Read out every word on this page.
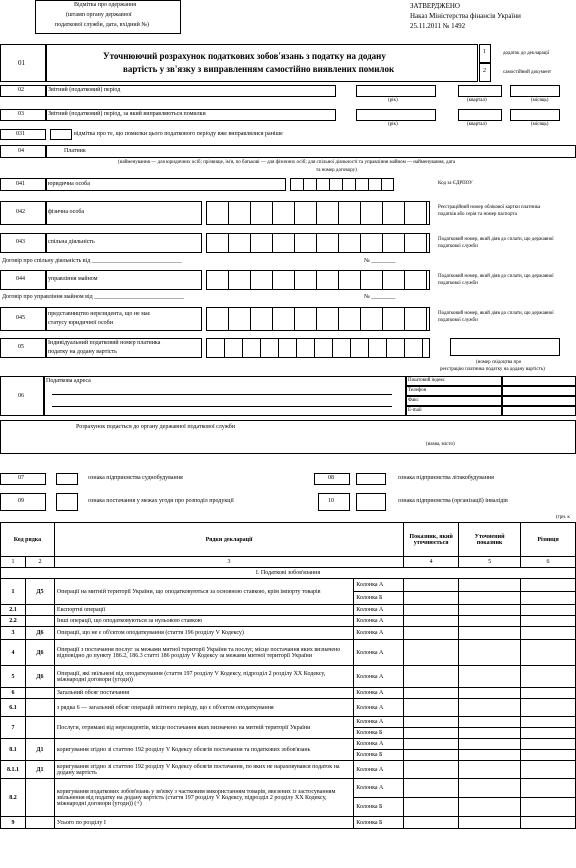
Відмітка про одержання
(штамп органу державної
податкової служби, дата, вхідний №)
ЗАТВЕРДЖЕНО
Наказ Міністерства фінансів України
25.11.2011 № 1492
01
Уточнюючий розрахунок податкових зобов'язань з податку на додану
вартість у зв'язку з виправленням самостійно виявлених помилок
1
2
додаток до декларації
самостійний документ
02	Звітний (податковий) період
(рік)	(квартал)	(місяць)
03	Звітний (податковий) період, за який виправляються помилки
(рік)	(квартал)	(місяць)
031	відмітка про те, що помилки цього податкового періоду вже виправлялися раніше
04	Платник
(найменування — для юридичних осіб; прізвище, ім'я, по батькові — для фізичних осіб; для спільної діяльності та управління майном — найменування, дата
та номер договору)
041	юридична особа	Код за ЄДРПОУ
042	фізична особа
Реєстраційний номер облікової картки платника
податків або серія та номер паспорта
043	спільна діяльність	Податковий номер, який діяв до сплати, що державної
податкової служби
Договір про спільну діяльність від ______________________________	№ ________
044	управління майном	Податковий номер, який діяв до сплати, що державної
податкової служби
Договір про управління майном від ______________________________	№ ________
045
представництво нерезидента, що не має
статусу юридичної особи
Податковий номер, який діяв до сплати, що державної
податкової служби
05
Індивідуальний податковий номер платника
податку на додану вартість
(номер свідоцтва про
реєстрацію платника податку на додану вартість)
06
Податкова адреса	Поштовий індекс
Телефон
Факс
E-mail
Розрахунок подається до органу державної податкової служби
(назва, місто)
07	ознака підприємства суднобудування	08	ознака підприємства літакобудування
09	ознака постачання у межах угоди про розподіл продукції	10	ознака підприємства (організації) інвалідів
(грн. к
Код рядка		Рядки декларації		Показник, який уточнюється	Уточнений показник	Різниця
1	2	3		4	5	6
І. Податкові зобов'язання						
1	Д5	Операції на митній території України, що оподатковуються за основною ставкою, крім імпорту товарів	Колонка А			
			Колонка Б			
2.1		Експортні операції	Колонка А			
2.2		Інші операції, що оподатковуються за нульовою ставкою	Колонка А			
3	Д6	Операції, що не є об'єктом оподаткування (стаття 196 розділу V Кодексу)	Колонка А			
4	Д6	Операції з постачання послуг за межами митної території України та послуг, місце постачання яких визначено відповідно до пункту 186.2, 186.3 статті 186 розділу V Кодексу за межами митної території України	Колонка А			
5	Д6	Операції, які звільнені від оподаткування (стаття 197 розділу V Кодексу, підрозділ 2 розділу XX Кодексу, міжнародні договори (угоди))	Колонка А			
6		Загальний обсяг постачання	Колонка А			
6.1		з рядка 6 — загальний обсяг операцій звітного періоду, що є об'єктом оподаткування	Колонка А			
7		Послуги, отримані від нерезидентів, місце постачання яких визначено на митній території України	Колонка А			
			Колонка Б			
8.1	Д1	коригування згідно зі статтею 192 розділу V Кодексу обсягів постачання та податкових зобов'язань	Колонка А			
			Колонка Б			
8.1.1	Д1	коригування згідно зі статтею 192 розділу V Кодексу обсягів постачання, по яких не нараховувався податок на додану вартість	Колонка А			
8.2		коригування податкових зобов'язань у зв'язку з частковим використанням товарів, ввезених із застосуванням звільнення від податку на додану вартість (стаття 197 розділу V Кодексу, підрозділ 2 розділу XX Кодексу, міжнародні договори (угоди)) (+)	Колонка А			
			Колонка Б			
9		Усього по розділу І	Колонка Б			
